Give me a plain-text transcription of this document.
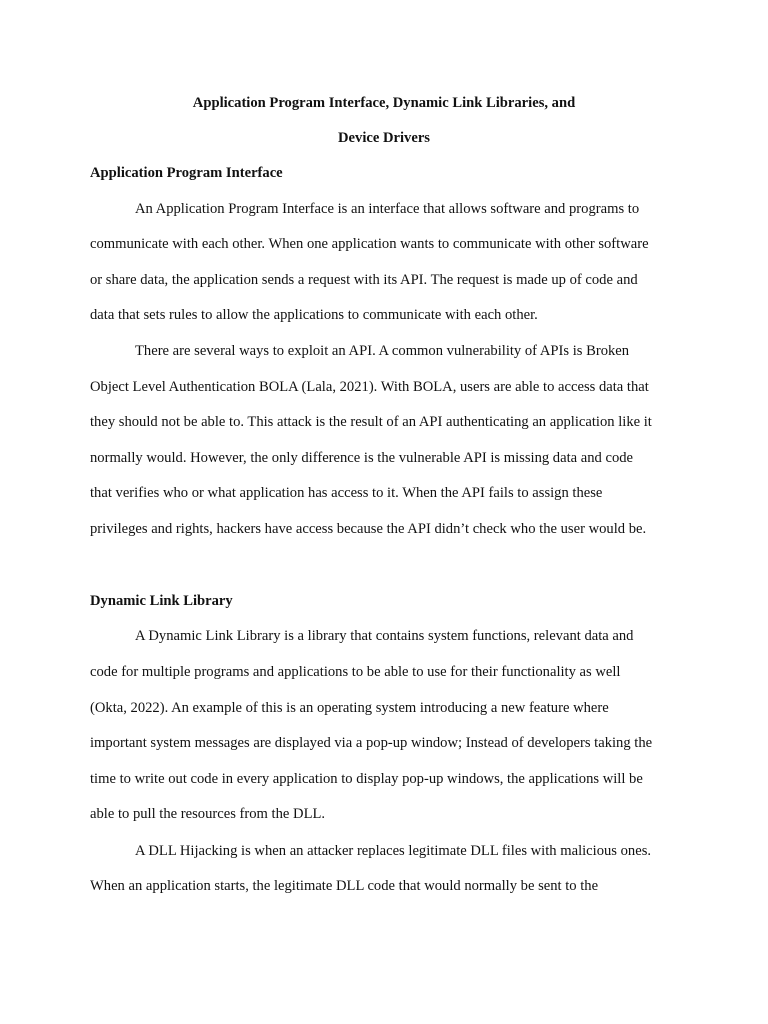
Application Program Interface, Dynamic Link Libraries, and
Device Drivers
Application Program Interface
An Application Program Interface is an interface that allows software and programs to
communicate with each other. When one application wants to communicate with other software
or share data, the application sends a request with its API. The request is made up of code and
data that sets rules to allow the applications to communicate with each other.
There are several ways to exploit an API. A common vulnerability of APIs is Broken
Object Level Authentication BOLA (Lala, 2021). With BOLA, users are able to access data that
they should not be able to. This attack is the result of an API authenticating an application like it
normally would. However, the only difference is the vulnerable API is missing data and code
that verifies who or what application has access to it. When the API fails to assign these
privileges and rights, hackers have access because the API didn’t check who the user would be.
Dynamic Link Library
A Dynamic Link Library is a library that contains system functions, relevant data and
code for multiple programs and applications to be able to use for their functionality as well
(Okta, 2022). An example of this is an operating system introducing a new feature where
important system messages are displayed via a pop-up window; Instead of developers taking the
time to write out code in every application to display pop-up windows, the applications will be
able to pull the resources from the DLL.
A DLL Hijacking is when an attacker replaces legitimate DLL files with malicious ones.
When an application starts, the legitimate DLL code that would normally be sent to the
